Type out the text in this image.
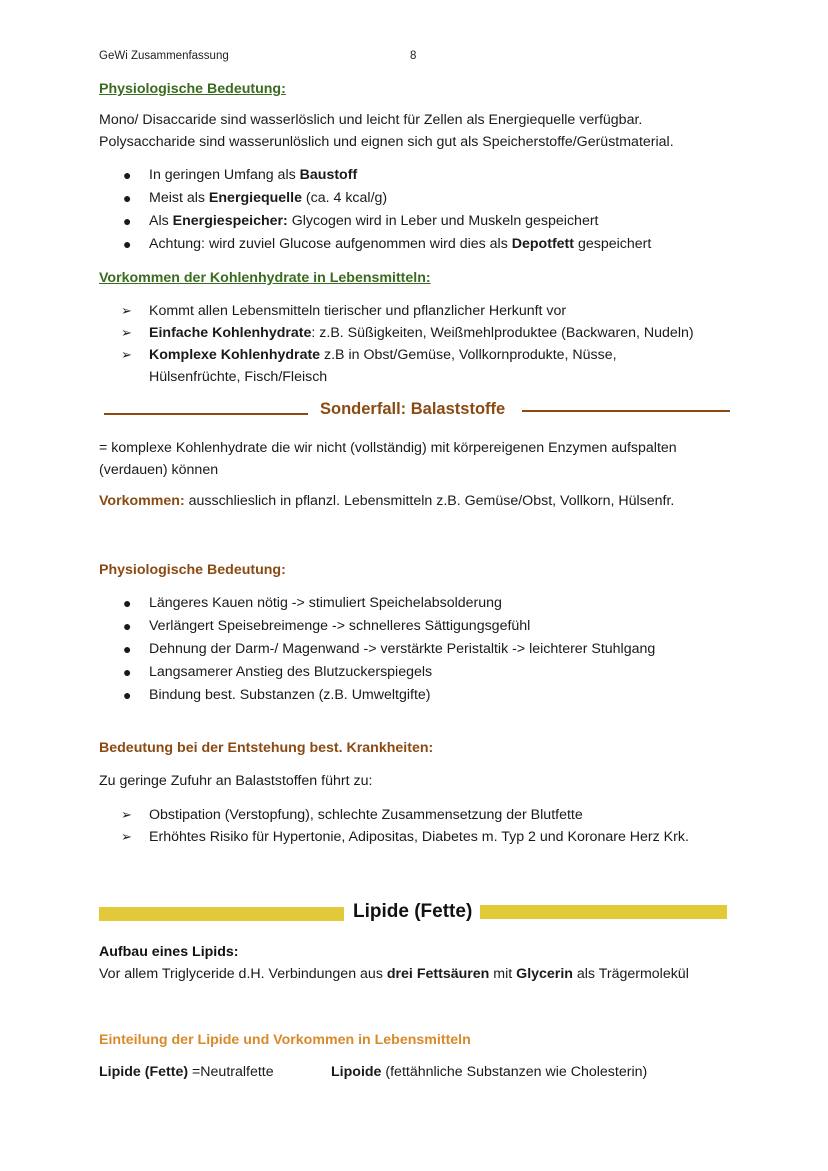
GeWi Zusammenfassung	8
Physiologische Bedeutung:
Mono/ Disaccaride sind wasserlöslich und leicht für Zellen als Energiequelle verfügbar.
Polysaccharide sind wasserunlöslich und eignen sich gut als Speicherstoffe/Gerüstmaterial.
● In geringen Umfang als Baustoff
● Meist als Energiequelle (ca. 4 kcal/g)
● Als Energiespeicher: Glycogen wird in Leber und Muskeln gespeichert
● Achtung: wird zuviel Glucose aufgenommen wird dies als Depotfett gespeichert
Vorkommen der Kohlenhydrate in Lebensmitteln:
➢ Kommt allen Lebensmitteln tierischer und pflanzlicher Herkunft vor
➢ Einfache Kohlenhydrate: z.B. Süßigkeiten, Weißmehlproduktee (Backwaren, Nudeln)
➢ Komplexe Kohlenhydrate z.B in Obst/Gemüse, Vollkornprodukte, Nüsse,
Hülsenfrüchte, Fisch/Fleisch
Sonderfall: Balaststoffe
= komplexe Kohlenhydrate die wir nicht (vollständig) mit körpereigenen Enzymen aufspalten
(verdauen) können
Vorkommen: ausschlieslich in pflanzl. Lebensmitteln z.B. Gemüse/Obst, Vollkorn, Hülsenfr.
Physiologische Bedeutung:
● Längeres Kauen nötig -> stimuliert Speichelabsolderung
● Verlängert Speisebreimenge -> schnelleres Sättigungsgefühl
● Dehnung der Darm-/ Magenwand -> verstärkte Peristaltik -> leichterer Stuhlgang
● Langsamerer Anstieg des Blutzuckerspiegels
● Bindung best. Substanzen (z.B. Umweltgifte)
Bedeutung bei der Entstehung best. Krankheiten:
Zu geringe Zufuhr an Balaststoffen führt zu:
➢ Obstipation (Verstopfung), schlechte Zusammensetzung der Blutfette
➢ Erhöhtes Risiko für Hypertonie, Adipositas, Diabetes m. Typ 2 und Koronare Herz Krk.
Lipide (Fette)
Aufbau eines Lipids:
Vor allem Triglyceride d.H. Verbindungen aus drei Fettsäuren mit Glycerin als Trägermolekül
Einteilung der Lipide und Vorkommen in Lebensmitteln
Lipide (Fette) =Neutralfette	Lipoide (fettähnliche Substanzen wie Cholesterin)
